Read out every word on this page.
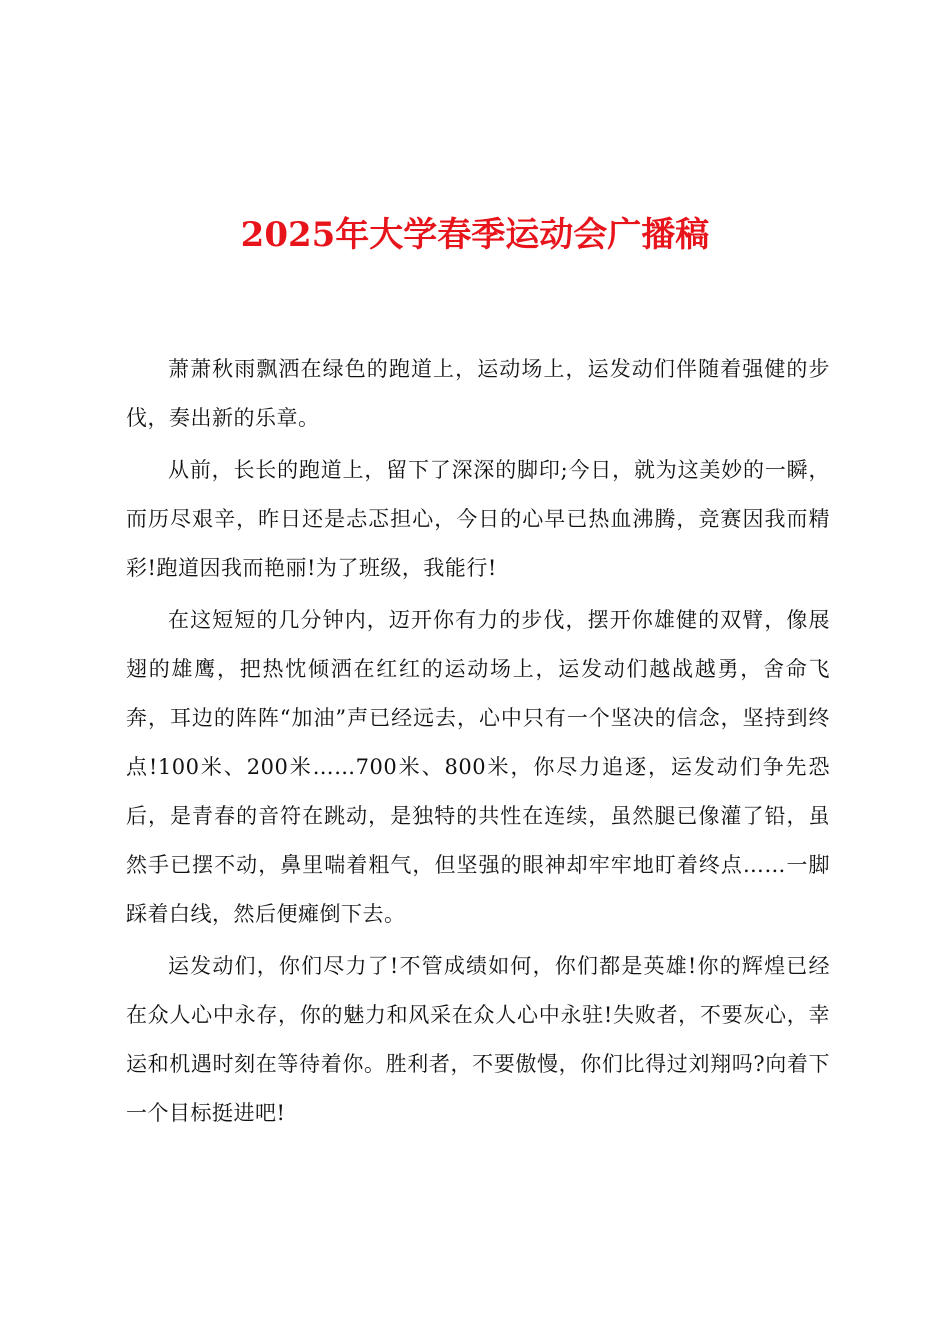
2025年大学春季运动会广播稿

萧萧秋雨飘洒在绿色的跑道上，运动场上，运发动们伴随着强健的步伐，奏出新的乐章。

从前，长长的跑道上，留下了深深的脚印;今日，就为这美妙的一瞬，而历尽艰辛，昨日还是忐忑担心，今日的心早已热血沸腾，竞赛因我而精彩!跑道因我而艳丽!为了班级，我能行!

在这短短的几分钟内，迈开你有力的步伐，摆开你雄健的双臂，像展翅的雄鹰，把热忱倾洒在红红的运动场上，运发动们越战越勇，舍命飞奔，耳边的阵阵“加油”声已经远去，心中只有一个坚决的信念，坚持到终点!100米、200米……700米、800米，你尽力追逐，运发动们争先恐后，是青春的音符在跳动，是独特的共性在连续，虽然腿已像灌了铅，虽然手已摆不动，鼻里喘着粗气，但坚强的眼神却牢牢地盯着终点……一脚踩着白线，然后便瘫倒下去。

运发动们，你们尽力了!不管成绩如何，你们都是英雄!你的辉煌已经在众人心中永存，你的魅力和风采在众人心中永驻!失败者，不要灰心，幸运和机遇时刻在等待着你。胜利者，不要傲慢，你们比得过刘翔吗?向着下一个目标挺进吧!
